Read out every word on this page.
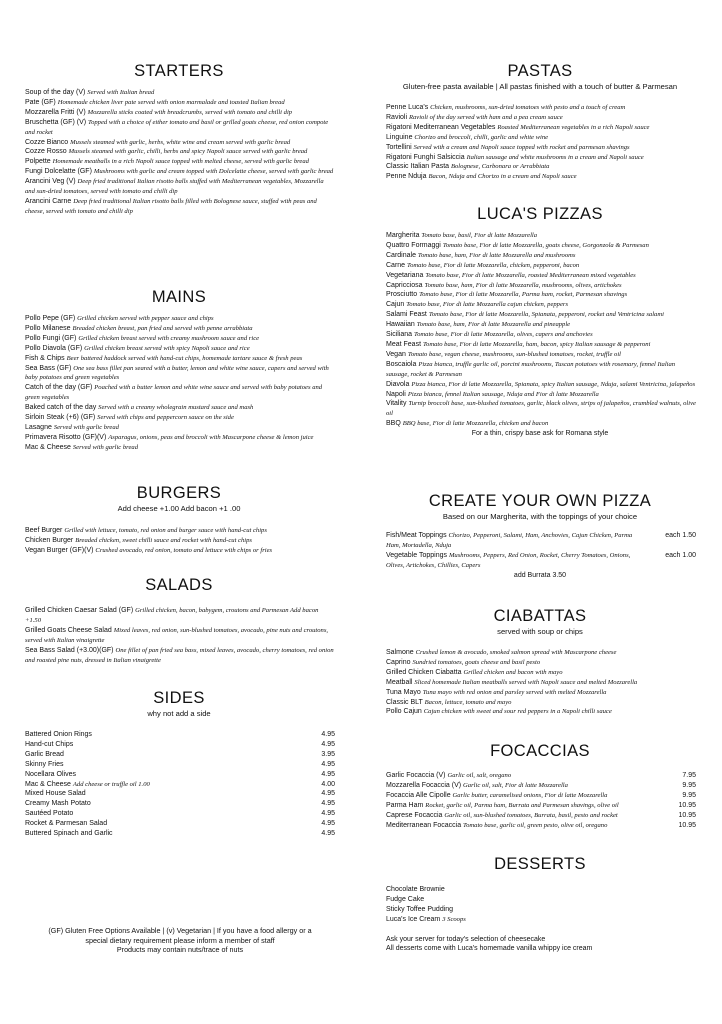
STARTERS
Soup of the day (V) Served with Italian bread
Pate (GF) Homemade chicken liver pate served with onion marmalade and toasted Italian bread
Mozzarella Fritti (V) Mozzarella sticks coated with breadcrumbs, served with tomato and chilli dip
Bruschetta (GF) (V) Topped with a choice of either tomato and basil or grilled goats cheese, red onion compote and rocket
Cozze Bianco Mussels steamed with garlic, herbs, white wine and cream served with garlic bread
Cozze Rosso Mussels steamed with garlic, chilli, herbs and spicy Napoli sauce served with garlic bread
Polpette Homemade meatballs in a rich Napoli sauce topped with melted cheese, served with garlic bread
Fungi Dolcelatte (GF) Mushrooms with garlic and cream topped with Dolcelatte cheese, served with garlic bread
Arancini Veg (V) Deep fried traditional Italian risotto balls stuffed with Mediterranean vegetables, Mozzarella and sun-dried tomatoes, served with tomato and chilli dip
Arancini Carne Deep fried traditional Italian risotto balls filled with Bolognese sauce, stuffed with peas and cheese, served with tomato and chilli dip
MAINS
Pollo Pepe (GF) Grilled chicken served with pepper sauce and chips
Pollo Milanese Breaded chicken breast, pan fried and served with penne arrabbiata
Pollo Fungi (GF) Grilled chicken breast served with creamy mushroom sauce and rice
Pollo Diavola (GF) Grilled chicken breast served with spicy Napoli sauce and rice
Fish & Chips Beer battered haddock served with hand-cut chips, homemade tartare sauce & fresh peas
Sea Bass (GF) One sea bass fillet pan seared with a butter, lemon and white wine sauce, capers and served with baby potatoes and green vegetables
Catch of the day (GF) Poached with a butter lemon and white wine sauce and served with baby potatoes and green vegetables
Baked catch of the day Served with a creamy wholegrain mustard sauce and mash
Sirloin Steak (+6) (GF) Served with chips and peppercorn sauce on the side
Lasagne Served with garlic bread
Primavera Risotto (GF)(V) Asparagus, onions, peas and broccoli with Mascarpone cheese & lemon juice
Mac & Cheese Served with garlic bread
BURGERS
Add cheese +1.00 Add bacon +1 .00
Beef Burger Grilled with lettuce, tomato, red onion and burger sauce with hand-cut chips
Chicken Burger Breaded chicken, sweet chilli sauce and rocket with hand-cut chips
Vegan Burger (GF)(V) Crushed avocado, red onion, tomato and lettuce with chips or fries
SALADS
Grilled Chicken Caesar Salad (GF) Grilled chicken, bacon, babygem, croutons and Parmesan Add bacon +1.50
Grilled Goats Cheese Salad Mixed leaves, red onion, sun-blushed tomatoes, avocado, pine nuts and croutons, served with Italian vinaigrette
Sea Bass Salad (+3.00)(GF) One fillet of pan fried sea bass, mixed leaves, avocado, cherry tomatoes, red onion and roasted pine nuts, dressed in Italian vinaigrette
SIDES
why not add a side
Battered Onion Rings	4.95
Hand-cut Chips	4.95
Garlic Bread	3.95
Skinny Fries	4.95
Nocellara Olives	4.95
Mac & Cheese Add cheese or truffle oil 1.00	4.00
Mixed House Salad	4.95
Creamy Mash Potato	4.95
Sautéed Potato	4.95
Rocket & Parmesan Salad	4.95
Buttered Spinach and Garlic	4.95
(GF) Gluten Free Options Available | (v) Vegetarian | If you have a food allergy or a
special dietary requirement please inform a member of staff
Products may contain nuts/trace of nuts
PASTAS
Gluten-free pasta available | All pastas finished with a touch of butter & Parmesan
Penne Luca's Chicken, mushrooms, sun-dried tomatoes with pesto and a touch of cream
Ravioli Ravioli of the day served with ham and a pea cream sauce
Rigatoni Mediterranean Vegetables Roasted Mediterranean vegetables in a rich Napoli sauce
Linguine Chorizo and broccoli, chilli, garlic and white wine
Tortellini Served with a cream and Napoli sauce topped with rocket and parmesan shavings
Rigatoni Funghi Salsiccia Italian sausage and white mushrooms in a cream and Napoli sauce
Classic Italian Pasta Bolognese, Carbonara or Arrabbiata
Penne Nduja Bacon, Nduja and Chorizo in a cream and Napoli sauce
LUCA'S PIZZAS
Margherita Tomato base, basil, Fior di latte Mozzarella
Quattro Formaggi Tomato base, Fior di latte Mozzarella, goats cheese, Gorgonzola & Parmesan
Cardinale Tomato base, ham, Fior di latte Mozzarella and mushrooms
Carne Tomato base, Fior di latte Mozzarella, chicken, pepperoni, bacon
Vegetariana Tomato base, Fior di latte Mozzarella, roasted Mediterranean mixed vegetables
Capricciosa Tomato base, ham, Fior di latte Mozzarella, mushrooms, olives, artichokes
Prosciutto Tomato base, Fior di latte Mozzarella, Parma ham, rocket, Parmesan shavings
Cajun Tomato base, Fior di latte Mozzarella cajun chicken, peppers
Salami Feast Tomato base, Fior di latte Mozzarella, Spianata, pepperoni, rocket and Ventricina salami
Hawaiian Tomato base, ham, Fior di latte Mozzarella and pineapple
Siciliana Tomato base, Fior di latte Mozzarella, olives, capers and anchovies
Meat Feast Tomato base, Fior di latte Mozzarella, ham, bacon, spicy Italian sausage & pepperoni
Vegan Tomato base, vegan cheese, mushrooms, sun-blushed tomatoes, rocket, truffle oil
Boscaiola Pizza bianca, truffle garlic oil, porcini mushrooms, Tuscan potatoes with rosemary, fennel Italian sausage, rocket & Parmesan
Diavola Pizza bianca, Fior di latte Mozzarella, Spianata, spicy Italian sausage, Nduja, salami Ventricina, jalapeños
Napoli Pizza bianca, fennel Italian sausage, Nduja and Fior di latte Mozzarella
Vitality Turnip broccoli base, sun-blushed tomatoes, garlic, black olives, strips of jalapeños, crumbled walnuts, olive oil
BBQ BBQ base, Fior di latte Mozzarella, chicken and bacon
For a thin, crispy base ask for Romana style
CREATE YOUR OWN PIZZA
Based on our Margherita, with the toppings of your choice
Fish/Meat Toppings Chorizo, Pepperoni, Salami, Ham, Anchovies, Cajun Chicken, Parma Ham, Mortadella, Nduja
each 1.50
Vegetable Toppings Mushrooms, Peppers, Red Onion, Rocket, Cherry Tomatoes, Onions, Olives, Artichokes, Chillies, Capers
each 1.00
add Burrata 3.50
CIABATTAS
served with soup or chips
Salmone Crushed lemon & avocado, smoked salmon spread with Mascarpone cheese
Caprino Sundried tomatoes, goats cheese and basil pesto
Grilled Chicken Ciabatta Grilled chicken and bacon with mayo
Meatball Sliced homemade Italian meatballs served with Napoli sauce and melted Mozzarella
Tuna Mayo Tuna mayo with red onion and parsley served with melted Mozzarella
Classic BLT Bacon, lettuce, tomato and mayo
Pollo Cajun Cajun chicken with sweet and sour red peppers in a Napoli chilli sauce
FOCACCIAS
Garlic Focaccia (V) Garlic oil, salt, oregano	7.95
Mozzarella Focaccia (V) Garlic oil, salt, Fior di latte Mozzarella	9.95
Focaccia Alle Cipolle Garlic butter, caramelised onions, Fior di latte Mozzarella	9.95
Parma Ham Rocket, garlic oil, Parma ham, Burrata and Parmesan shavings, olive oil	10.95
Caprese Focaccia Garlic oil, sun-blushed tomatoes, Burrata, basil, pesto and rocket	10.95
Mediterranean Focaccia Tomato base, garlic oil, green pesto, olive oil, oregano	10.95
DESSERTS
Chocolate Brownie
Fudge Cake
Sticky Toffee Pudding
Luca's Ice Cream 3 Scoops
Ask your server for today's selection of cheesecake
All desserts come with Luca's homemade vanilla whippy ice cream
